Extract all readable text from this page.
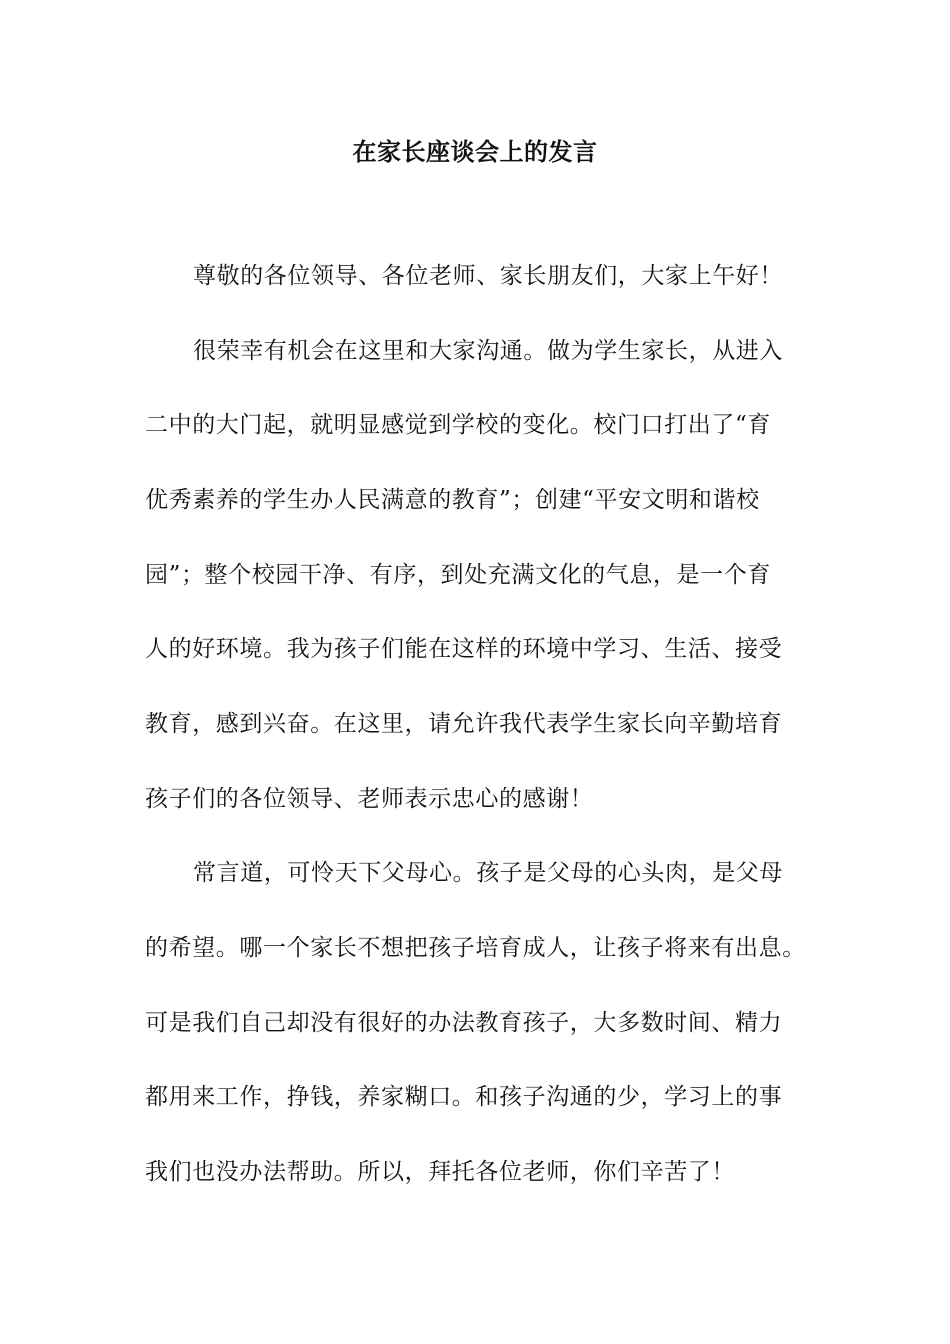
在家长座谈会上的发言
尊敬的各位领导、各位老师、家长朋友们，大家上午好！
很荣幸有机会在这里和大家沟通。做为学生家长，从进入
二中的大门起，就明显感觉到学校的变化。校门口打出了“育
优秀素养的学生办人民满意的教育”；创建“平安文明和谐校
园”；整个校园干净、有序，到处充满文化的气息，是一个育
人的好环境。我为孩子们能在这样的环境中学习、生活、接受
教育，感到兴奋。在这里，请允许我代表学生家长向辛勤培育
孩子们的各位领导、老师表示忠心的感谢！
常言道，可怜天下父母心。孩子是父母的心头肉，是父母
的希望。哪一个家长不想把孩子培育成人，让孩子将来有出息。
可是我们自己却没有很好的办法教育孩子，大多数时间、精力
都用来工作，挣钱，养家糊口。和孩子沟通的少，学习上的事
我们也没办法帮助。所以，拜托各位老师，你们辛苦了！
